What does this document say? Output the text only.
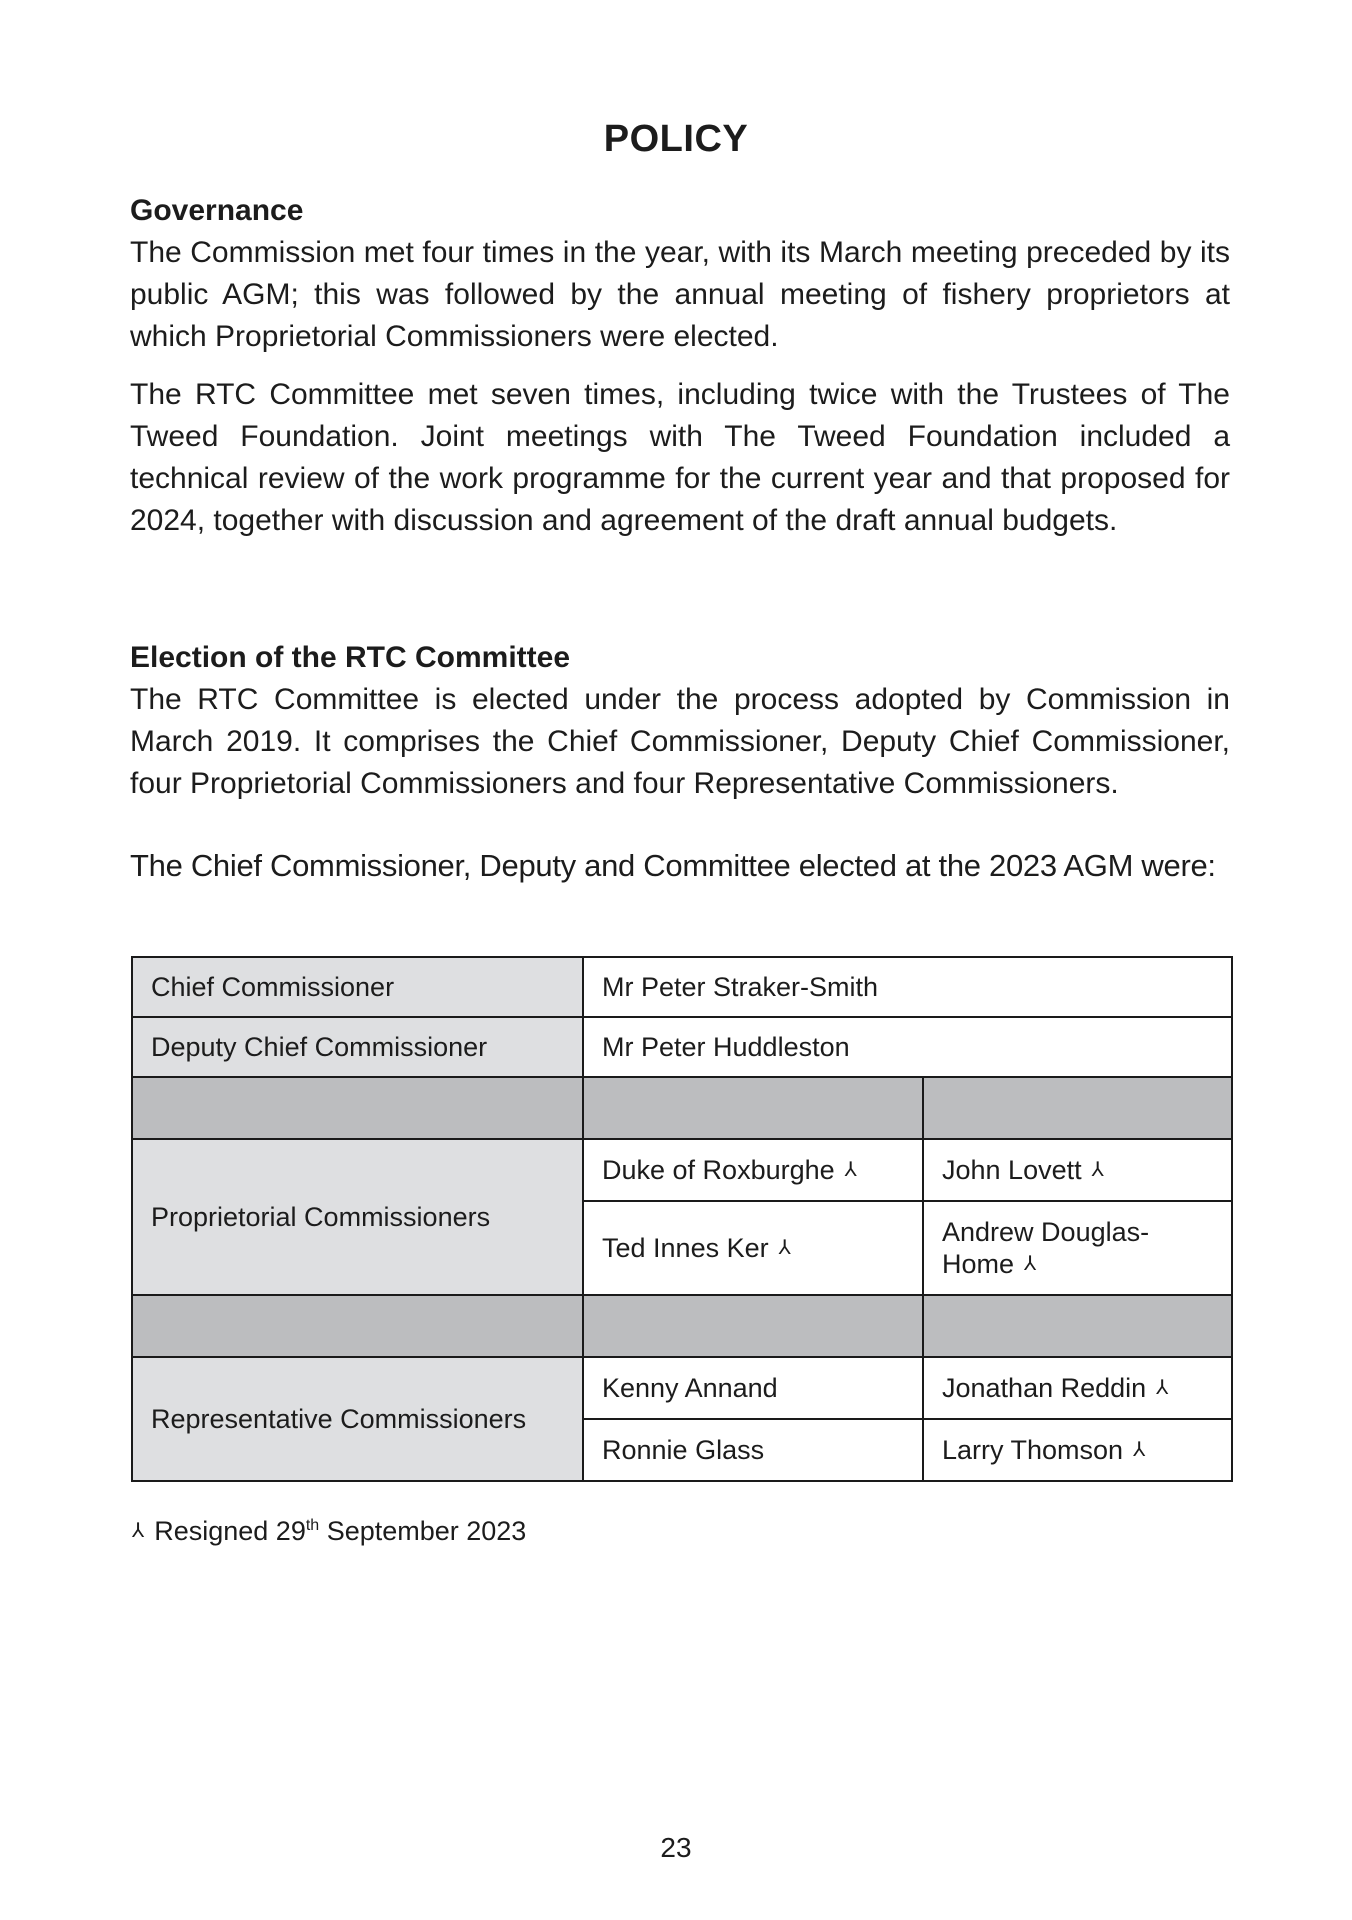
POLICY
Governance

The Commission met four times in the year, with its March meeting preceded by its public AGM; this was followed by the annual meeting of fishery proprietors at which Proprietorial Commissioners were elected.

The RTC Committee met seven times, including twice with the Trustees of The Tweed Foundation. Joint meetings with The Tweed Foundation included a technical review of the work programme for the current year and that proposed for 2024, together with discussion and agreement of the draft annual budgets.

Election of the RTC Committee

The RTC Committee is elected under the process adopted by Commission in March 2019. It comprises the Chief Commissioner, Deputy Chief Commissioner, four Proprietorial Commissioners and four Representative Commissioners.

The Chief Commissioner, Deputy and Committee elected at the 2023 AGM were:

Chief Commissioner	Mr Peter Straker-Smith	
Deputy Chief Commissioner	Mr Peter Huddleston	

Proprietorial Commissioners	Duke of Roxburghe ⅄	John Lovett ⅄
	Ted Innes Ker ⅄	Andrew Douglas-Home ⅄

Representative Commissioners	Kenny Annand	Jonathan Reddin ⅄
	Ronnie Glass	Larry Thomson ⅄
⅄ Resigned 29th September 2023
23
